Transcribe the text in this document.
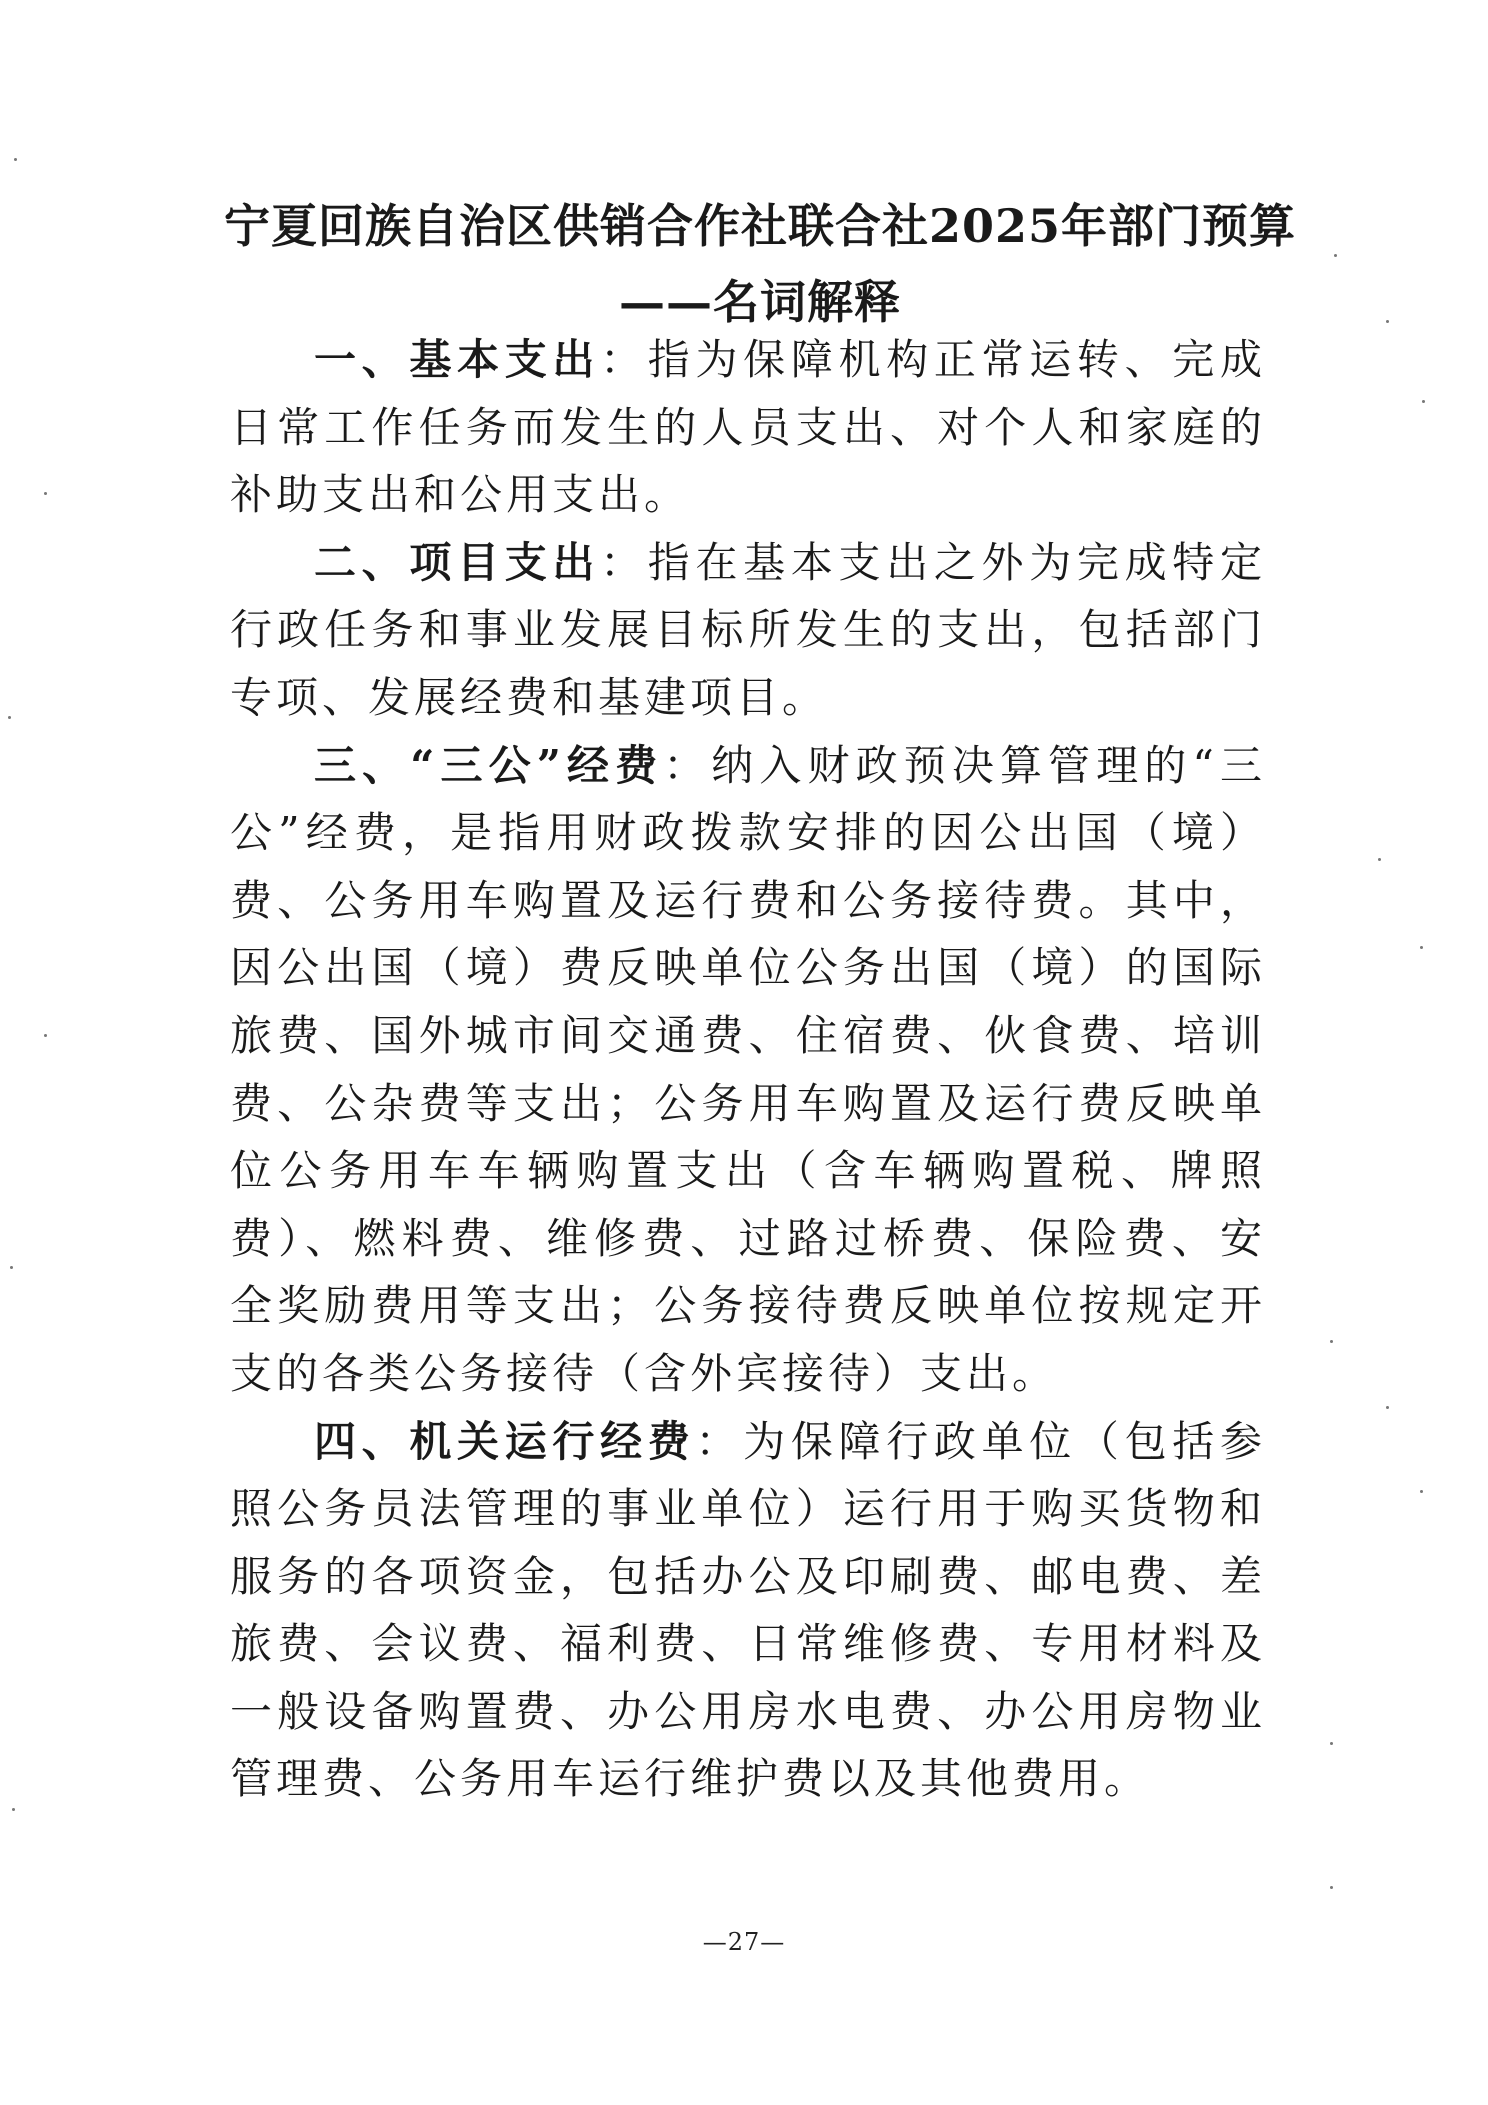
宁夏回族自治区供销合作社联合社2025年部门预算——名词解释

一、基本支出：指为保障机构正常运转、完成日常工作任务而发生的人员支出、对个人和家庭的补助支出和公用支出。

二、项目支出：指在基本支出之外为完成特定行政任务和事业发展目标所发生的支出，包括部门专项、发展经费和基建项目。

三、“三公”经费：纳入财政预决算管理的“三公”经费，是指用财政拨款安排的因公出国（境）费、公务用车购置及运行费和公务接待费。其中，因公出国（境）费反映单位公务出国（境）的国际旅费、国外城市间交通费、住宿费、伙食费、培训费、公杂费等支出；公务用车购置及运行费反映单位公务用车车辆购置支出（含车辆购置税、牌照费）、燃料费、维修费、过路过桥费、保险费、安全奖励费用等支出；公务接待费反映单位按规定开支的各类公务接待（含外宾接待）支出。

四、机关运行经费：为保障行政单位（包括参照公务员法管理的事业单位）运行用于购买货物和服务的各项资金，包括办公及印刷费、邮电费、差旅费、会议费、福利费、日常维修费、专用材料及一般设备购置费、办公用房水电费、办公用房物业管理费、公务用车运行维护费以及其他费用。

—27—
